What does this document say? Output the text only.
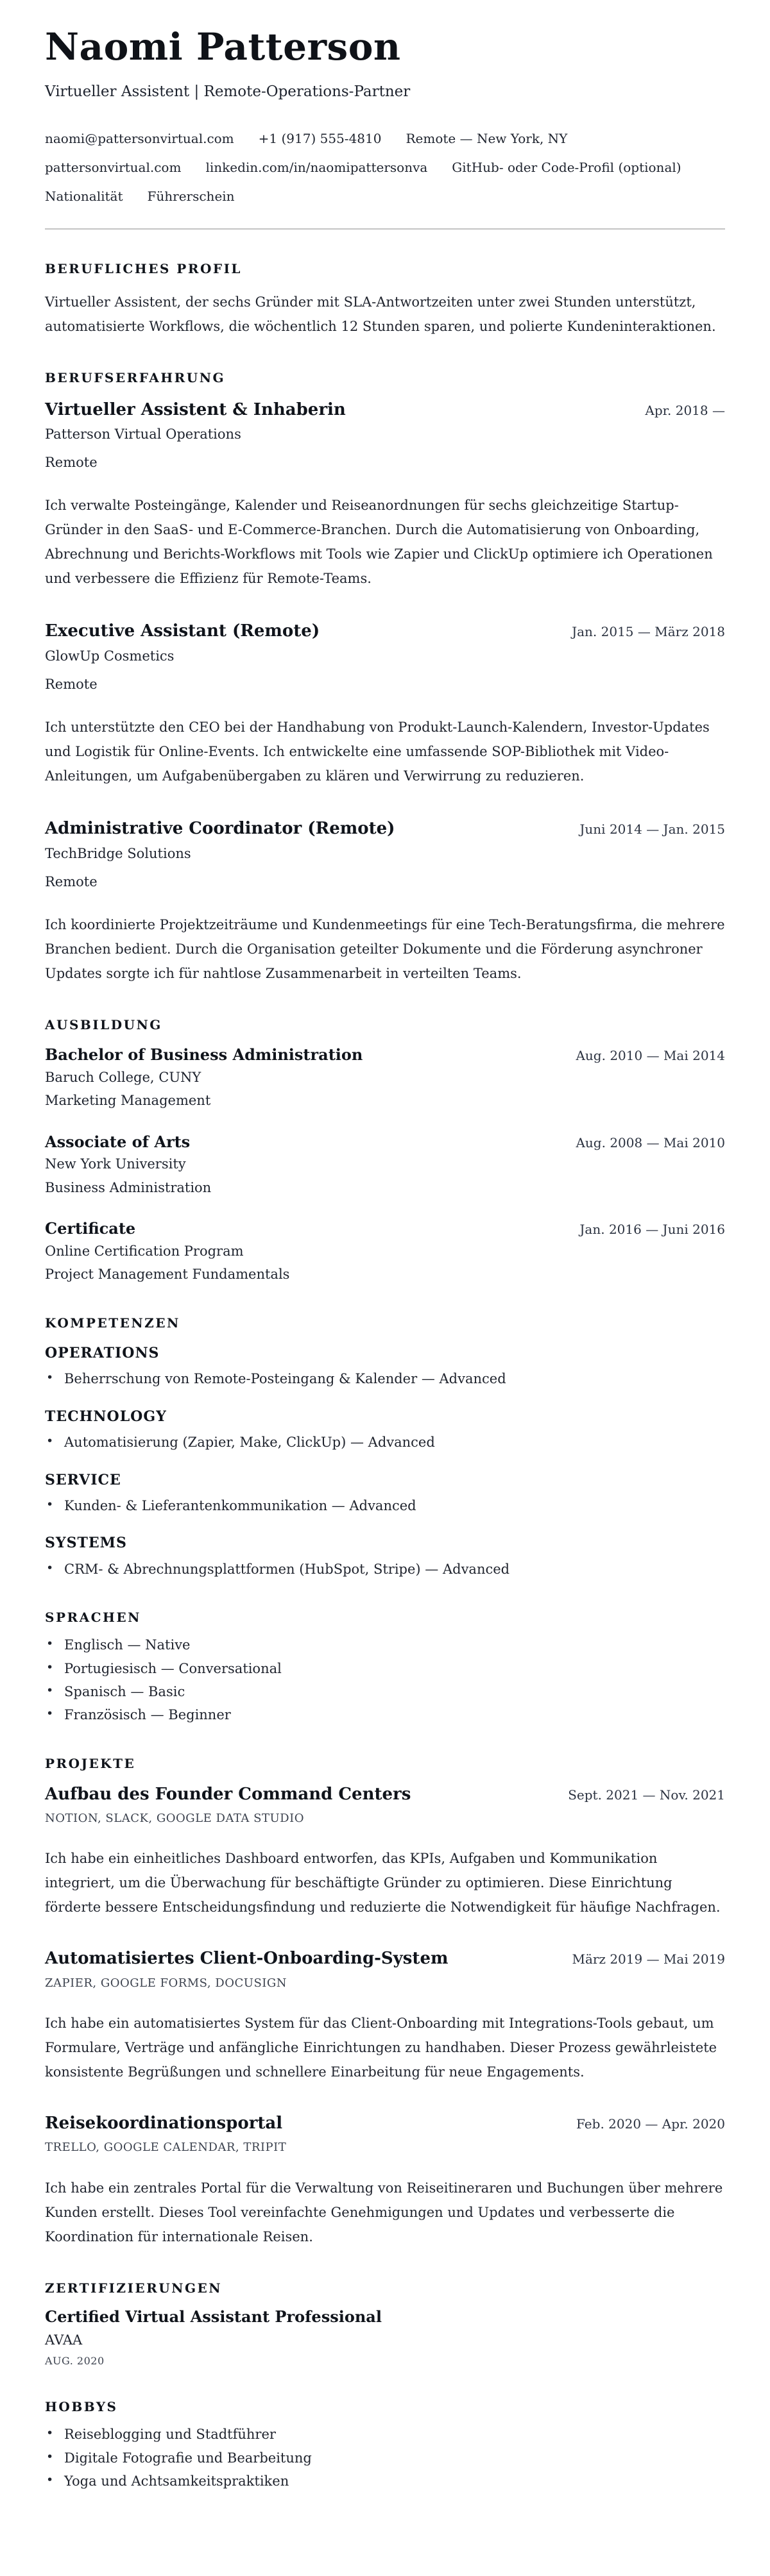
Naomi Patterson
Virtueller Assistent | Remote-Operations-Partner
naomi@pattersonvirtual.com +1 (917) 555-4810 Remote — New York, NY
pattersonvirtual.com linkedin.com/in/naomipattersonva GitHub- oder Code-Profil (optional)
Nationalität Führerschein
BERUFLICHES PROFIL
Virtueller Assistent, der sechs Gründer mit SLA-Antwortzeiten unter zwei Stunden unterstützt, automatisierte Workflows, die wöchentlich 12 Stunden sparen, und polierte Kundeninteraktionen.
BERUFSERFAHRUNG
Virtueller Assistent & Inhaberin	Apr. 2018 —
Patterson Virtual Operations
Remote
Ich verwalte Posteingänge, Kalender und Reiseanordnungen für sechs gleichzeitige Startup-Gründer in den SaaS- und E-Commerce-Branchen. Durch die Automatisierung von Onboarding, Abrechnung und Berichts-Workflows mit Tools wie Zapier und ClickUp optimiere ich Operationen und verbessere die Effizienz für Remote-Teams.
Executive Assistant (Remote)	Jan. 2015 — März 2018
GlowUp Cosmetics
Remote
Ich unterstützte den CEO bei der Handhabung von Produkt-Launch-Kalendern, Investor-Updates und Logistik für Online-Events. Ich entwickelte eine umfassende SOP-Bibliothek mit Video-Anleitungen, um Aufgabenübergaben zu klären und Verwirrung zu reduzieren.
Administrative Coordinator (Remote)	Juni 2014 — Jan. 2015
TechBridge Solutions
Remote
Ich koordinierte Projektzeiträume und Kundenmeetings für eine Tech-Beratungsfirma, die mehrere Branchen bedient. Durch die Organisation geteilter Dokumente und die Förderung asynchroner Updates sorgte ich für nahtlose Zusammenarbeit in verteilten Teams.
AUSBILDUNG
Bachelor of Business Administration	Aug. 2010 — Mai 2014
Baruch College, CUNY
Marketing Management
Associate of Arts	Aug. 2008 — Mai 2010
New York University
Business Administration
Certificate	Jan. 2016 — Juni 2016
Online Certification Program
Project Management Fundamentals
KOMPETENZEN
OPERATIONS
• Beherrschung von Remote-Posteingang & Kalender — Advanced
TECHNOLOGY
• Automatisierung (Zapier, Make, ClickUp) — Advanced
SERVICE
• Kunden- & Lieferantenkommunikation — Advanced
SYSTEMS
• CRM- & Abrechnungsplattformen (HubSpot, Stripe) — Advanced
SPRACHEN
• Englisch — Native
• Portugiesisch — Conversational
• Spanisch — Basic
• Französisch — Beginner
PROJEKTE
Aufbau des Founder Command Centers	Sept. 2021 — Nov. 2021
NOTION, SLACK, GOOGLE DATA STUDIO
Ich habe ein einheitliches Dashboard entworfen, das KPIs, Aufgaben und Kommunikation integriert, um die Überwachung für beschäftigte Gründer zu optimieren. Diese Einrichtung förderte bessere Entscheidungsfindung und reduzierte die Notwendigkeit für häufige Nachfragen.
Automatisiertes Client-Onboarding-System	März 2019 — Mai 2019
ZAPIER, GOOGLE FORMS, DOCUSIGN
Ich habe ein automatisiertes System für das Client-Onboarding mit Integrations-Tools gebaut, um Formulare, Verträge und anfängliche Einrichtungen zu handhaben. Dieser Prozess gewährleistete konsistente Begrüßungen und schnellere Einarbeitung für neue Engagements.
Reisekoordinationsportal	Feb. 2020 — Apr. 2020
TRELLO, GOOGLE CALENDAR, TRIPIT
Ich habe ein zentrales Portal für die Verwaltung von Reiseitineraren und Buchungen über mehrere Kunden erstellt. Dieses Tool vereinfachte Genehmigungen und Updates und verbesserte die Koordination für internationale Reisen.
ZERTIFIZIERUNGEN
Certified Virtual Assistant Professional
AVAA
AUG. 2020
HOBBYS
• Reiseblogging und Stadtführer
• Digitale Fotografie und Bearbeitung
• Yoga und Achtsamkeitspraktiken
